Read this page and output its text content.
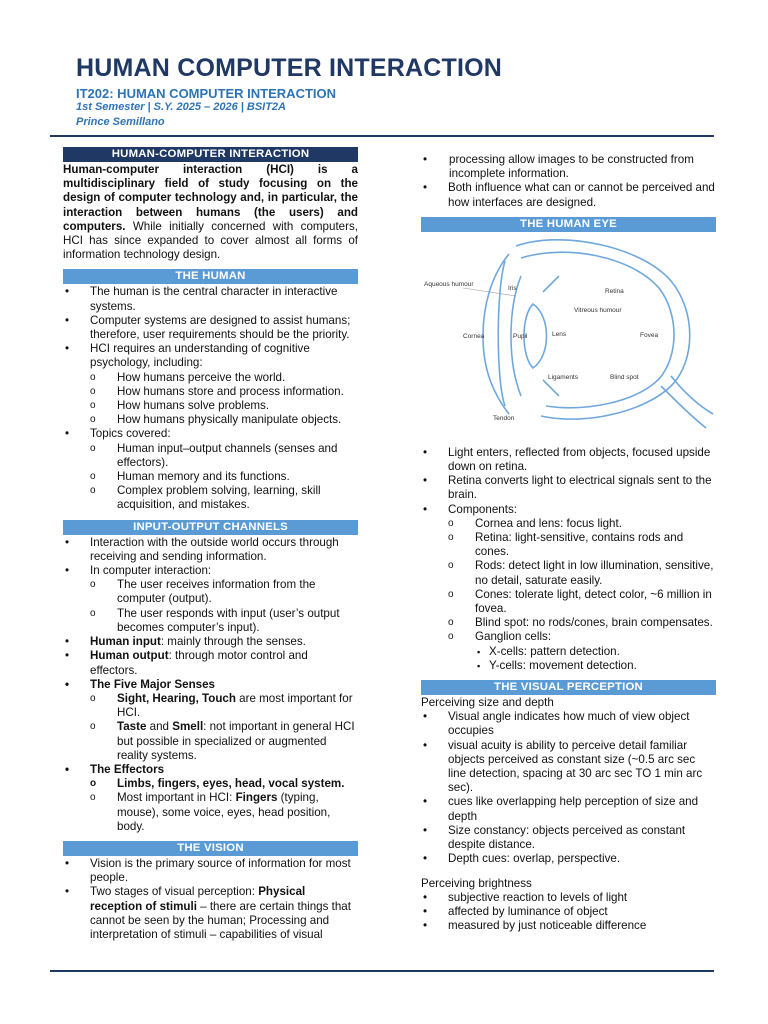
HUMAN COMPUTER INTERACTION
IT202: HUMAN COMPUTER INTERACTION
1st Semester | S.Y. 2025 – 2026 | BSIT2A
Prince Semillano
HUMAN-COMPUTER INTERACTION

Human-computer interaction (HCI) is a multidisciplinary field of study focusing on the design of computer technology and, in particular, the interaction between humans (the users) and computers. While initially concerned with computers, HCI has since expanded to cover almost all forms of information technology design.

THE HUMAN
• The human is the central character in interactive systems.
• Computer systems are designed to assist humans; therefore, user requirements should be the priority.
• HCI requires an understanding of cognitive psychology, including:
o How humans perceive the world.
o How humans store and process information.
o How humans solve problems.
o How humans physically manipulate objects.
• Topics covered:
o Human input–output channels (senses and effectors).
o Human memory and its functions.
o Complex problem solving, learning, skill acquisition, and mistakes.
INPUT-OUTPUT CHANNELS
• Interaction with the outside world occurs through receiving and sending information.
• In computer interaction:
o The user receives information from the computer (output).
o The user responds with input (user’s output becomes computer’s input).
• Human input: mainly through the senses.
• Human output: through motor control and effectors.
• The Five Major Senses
o Sight, Hearing, Touch are most important for HCI.
o Taste and Smell: not important in general HCI but possible in specialized or augmented reality systems.
• The Effectors
o Limbs, fingers, eyes, head, vocal system.
o Most important in HCI: Fingers (typing, mouse), some voice, eyes, head position, body.
THE VISION
• Vision is the primary source of information for most people.
• Two stages of visual perception: Physical reception of stimuli – there are certain things that cannot be seen by the human; Processing and interpretation of stimuli – capabilities of visual
• processing allow images to be constructed from incomplete information.
• Both influence what can or cannot be perceived and how interfaces are designed.
THE HUMAN EYE
Aqueous humour
Iris
Cornea	Pupil	Lens
Vitreous humour
Retina
Fovea
Ligaments	Blind spot
Tendon
• Light enters, reflected from objects, focused upside down on retina.
• Retina converts light to electrical signals sent to the brain.
• Components:
o Cornea and lens: focus light.
o Retina: light-sensitive, contains rods and cones.
o Rods: detect light in low illumination, sensitive, no detail, saturate easily.
o Cones: tolerate light, detect color, ~6 million in fovea.
o Blind spot: no rods/cones, brain compensates.
o Ganglion cells:
▪ X-cells: pattern detection.
▪ Y-cells: movement detection.
THE VISUAL PERCEPTION

Perceiving size and depth

• Visual angle indicates how much of view object occupies
• visual acuity is ability to perceive detail familiar objects perceived as constant size (~0.5 arc sec line detection, spacing at 30 arc sec TO 1 min arc sec).
• cues like overlapping help perception of size and depth
• Size constancy: objects perceived as constant despite distance.
• Depth cues: overlap, perspective.

Perceiving brightness

• subjective reaction to levels of light
• affected by luminance of object
• measured by just noticeable difference
